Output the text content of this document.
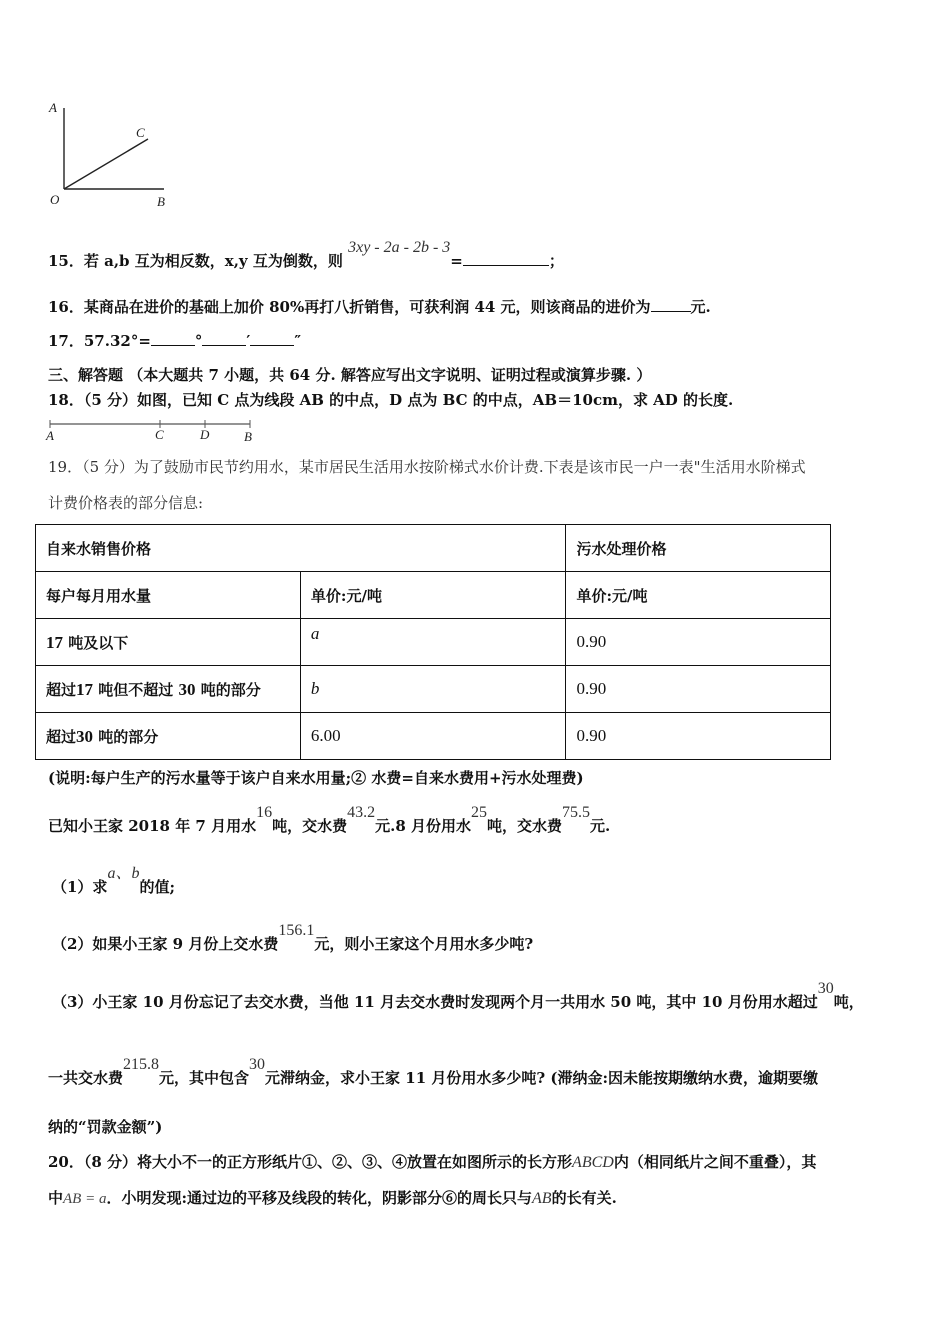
A
C
O	B
15．若 a,b 互为相反数，x,y 互为倒数，则 3xy - 2a - 2b - 3=	；
16．某商品在进价的基础上加价 80%再打八折销售，可获利润 44 元，则该商品的进价为	元.
17．57.32°=	°	′	″
三、解答题 （本大题共 7 小题，共 64 分. 解答应写出文字说明、证明过程或演算步骤. ）
18．（5 分）如图，已知 C 点为线段 AB 的中点，D 点为 BC 的中点，AB＝10cm，求 AD 的长度.
A	C	D	B
19．（5 分）为了鼓励市民节约用水，某市居民生活用水按阶梯式水价计费.下表是该市民一户一表"生活用水阶梯式
计费价格表的部分信息:
自来水销售价格		污水处理价格
每户每月用水量	单价:元/吨	单价:元/吨
17 吨及以下	a	0.90
超过17 吨但不超过 30 吨的部分	b	0.90
超过30 吨的部分	6.00	0.90
(说明:每户生产的污水量等于该户自来水用量;② 水费=自来水费用+污水处理费)
已知小王家 2018 年 7 月用水16吨，交水费43.2元.8 月份用水25吨，交水费75.5元.
（1）求a、b的值;
（2）如果小王家 9 月份上交水费156.1元，则小王家这个月用水多少吨?
（3）小王家 10 月份忘记了去交水费，当他 11 月去交水费时发现两个月一共用水 50 吨，其中 10 月份用水超过30吨，
一共交水费215.8元，其中包含30元滞纳金，求小王家 11 月份用水多少吨? (滞纳金:因未能按期缴纳水费，逾期要缴
纳的“罚款金额”)
20．（8 分）将大小不一的正方形纸片①、②、③、④放置在如图所示的长方形ABCD内（相同纸片之间不重叠），其
中AB = a．小明发现:通过边的平移及线段的转化，阴影部分⑥的周长只与AB的长有关.
